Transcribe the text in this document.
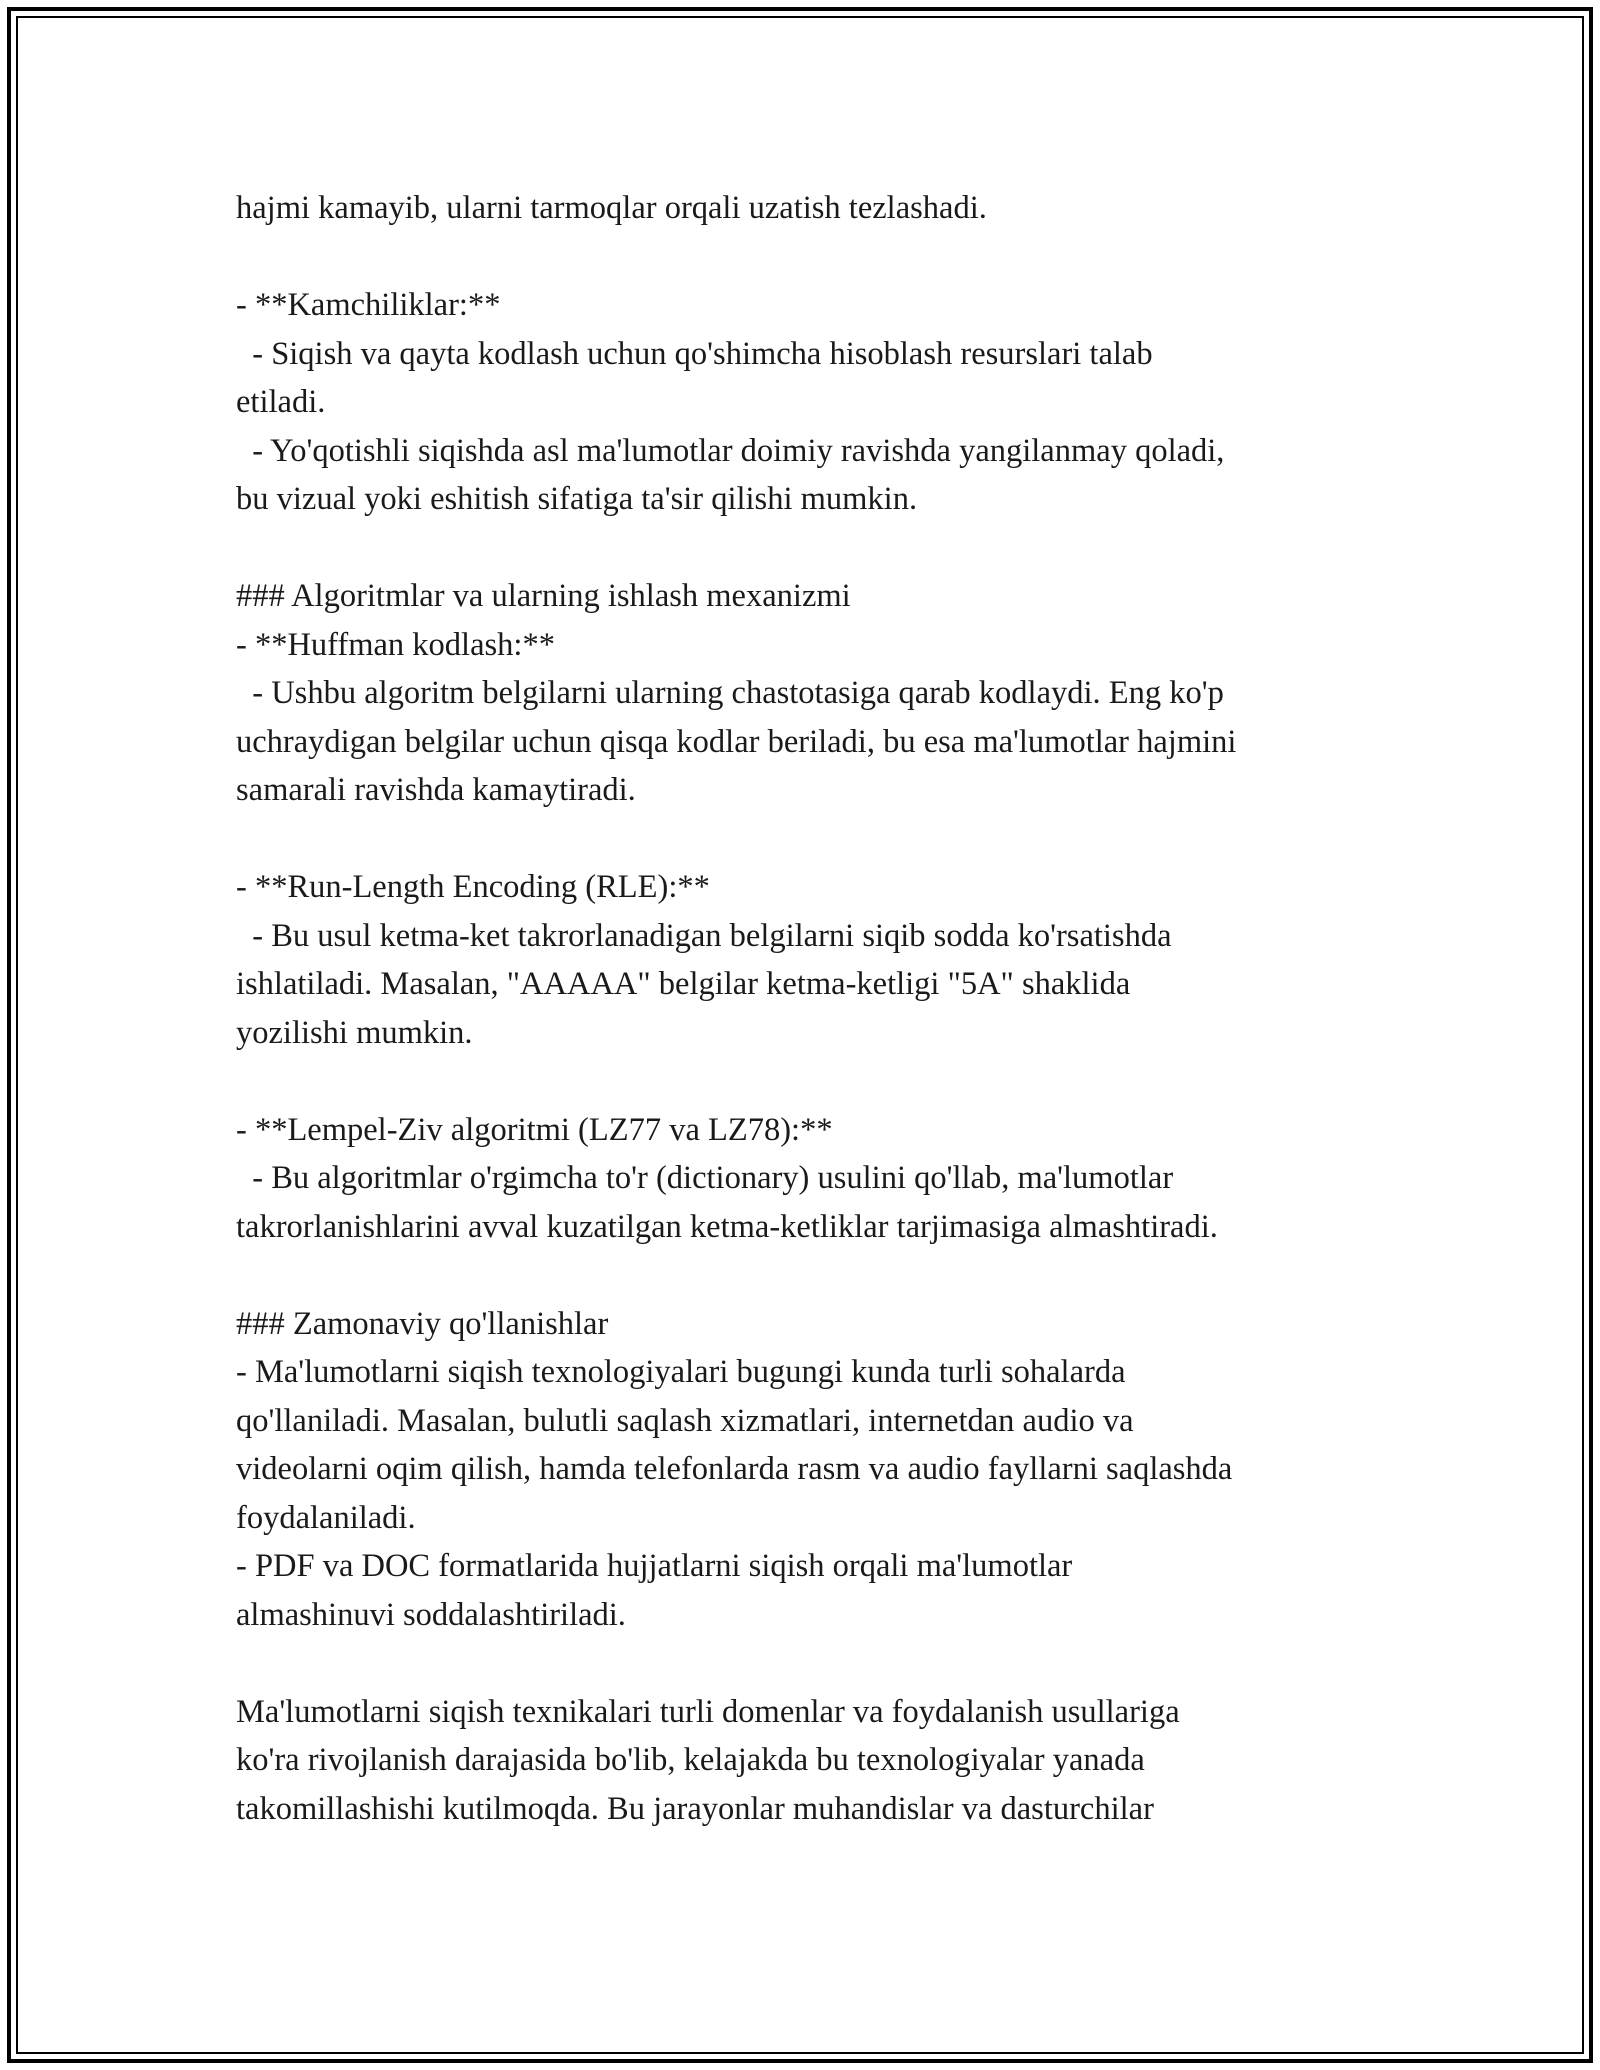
hajmi kamayib, ularni tarmoqlar orqali uzatish tezlashadi.
- **Kamchiliklar:**
- Siqish va qayta kodlash uchun qo'shimcha hisoblash resurslari talab
etiladi.
- Yo'qotishli siqishda asl ma'lumotlar doimiy ravishda yangilanmay qoladi,
bu vizual yoki eshitish sifatiga ta'sir qilishi mumkin.
### Algoritmlar va ularning ishlash mexanizmi
- **Huffman kodlash:**
- Ushbu algoritm belgilarni ularning chastotasiga qarab kodlaydi. Eng ko'p
uchraydigan belgilar uchun qisqa kodlar beriladi, bu esa ma'lumotlar hajmini
samarali ravishda kamaytiradi.
- **Run-Length Encoding (RLE):**
- Bu usul ketma-ket takrorlanadigan belgilarni siqib sodda ko'rsatishda
ishlatiladi. Masalan, "AAAAA" belgilar ketma-ketligi "5A" shaklida
yozilishi mumkin.
- **Lempel-Ziv algoritmi (LZ77 va LZ78):**
- Bu algoritmlar o'rgimcha to'r (dictionary) usulini qo'llab, ma'lumotlar
takrorlanishlarini avval kuzatilgan ketma-ketliklar tarjimasiga almashtiradi.
### Zamonaviy qo'llanishlar
- Ma'lumotlarni siqish texnologiyalari bugungi kunda turli sohalarda
qo'llaniladi. Masalan, bulutli saqlash xizmatlari, internetdan audio va
videolarni oqim qilish, hamda telefonlarda rasm va audio fayllarni saqlashda
foydalaniladi.
- PDF va DOC formatlarida hujjatlarni siqish orqali ma'lumotlar
almashinuvi soddalashtiriladi.
Ma'lumotlarni siqish texnikalari turli domenlar va foydalanish usullariga
ko'ra rivojlanish darajasida bo'lib, kelajakda bu texnologiyalar yanada
takomillashishi kutilmoqda. Bu jarayonlar muhandislar va dasturchilar
